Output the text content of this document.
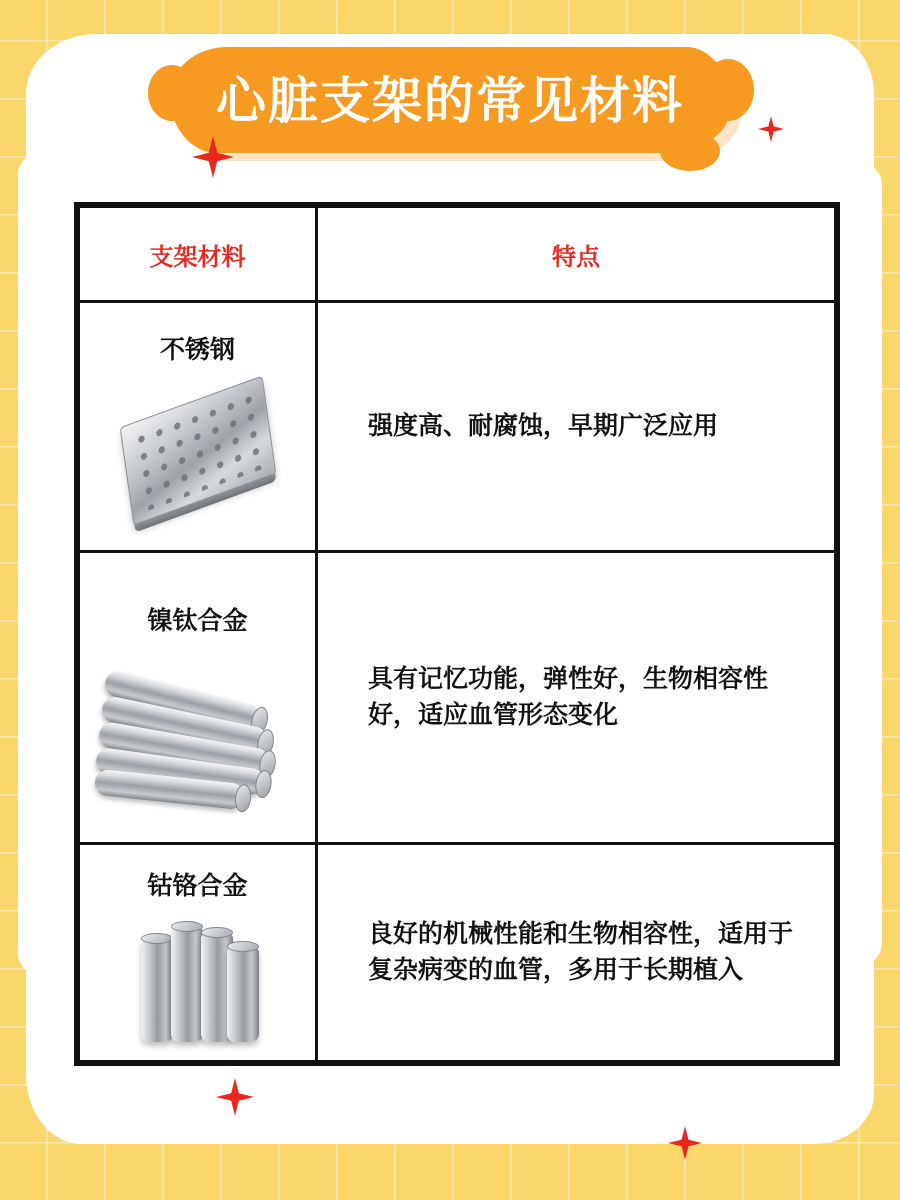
心脏支架的常见材料
支架材料	特点

不锈钢	强度高、耐腐蚀，早期广泛应用

镍钛合金	具有记忆功能，弹性好，生物相容性好，适应血管形态变化

钴铬合金	良好的机械性能和生物相容性，适用于复杂病变的血管，多用于长期植入
